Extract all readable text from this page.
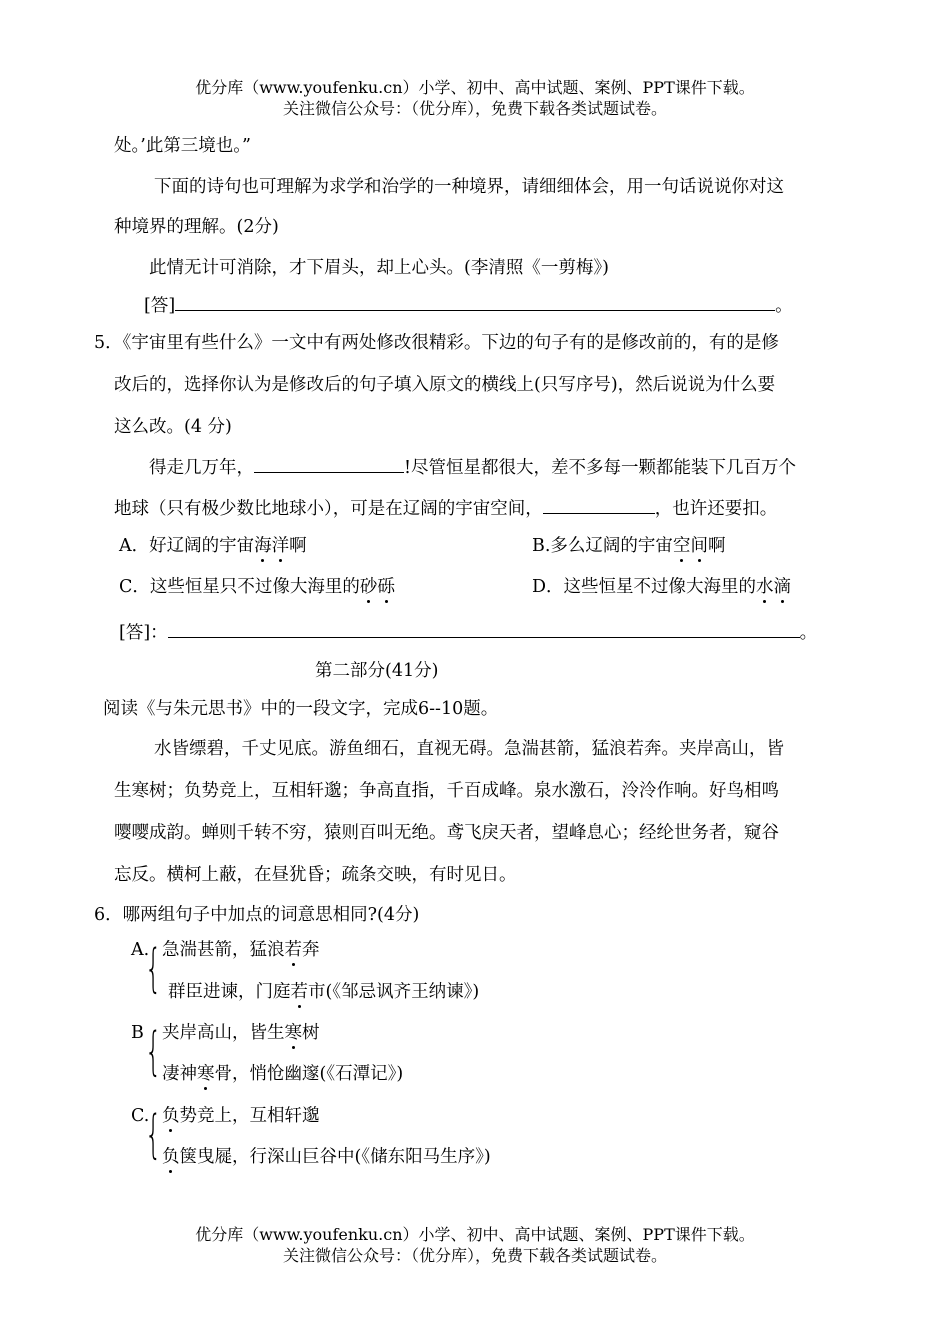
优分库（www.youfenku.cn）小学、初中、高中试题、案例、PPT课件下载。
关注微信公众号：（优分库），免费下载各类试题试卷。
处。’此第三境也。”
下面的诗句也可理解为求学和治学的一种境界，请细细体会，用一句话说说你对这
种境界的理解。(2分)
此情无计可消除，才下眉头，却上心头。(李清照《一剪梅》)
[答]	。
5．《宇宙里有些什么》一文中有两处修改很精彩。下边的句子有的是修改前的，有的是修
改后的，选择你认为是修改后的句子填入原文的横线上(只写序号)，然后说说为什么要
这么改。(4 分)
得走几万年，	!尽管恒星都很大，差不多每一颗都能装下几百万个
地球（只有极少数比地球小），可是在辽阔的宇宙空间，	，也许还要扣。
A．好辽阔的宇宙海洋啊	B.多么辽阔的宇宙空间啊
C．这些恒星只不过像大海里的砂砾	D．这些恒星不过像大海里的水滴
[答]：	。
第二部分(41分)
阅读《与朱元思书》中的一段文字，完成6--10题。
水皆缥碧，千丈见底。游鱼细石，直视无碍。急湍甚箭，猛浪若奔。夹岸高山，皆
生寒树；负势竞上，互相轩邈；争高直指，千百成峰。泉水激石，泠泠作响。好鸟相鸣
嘤嘤成韵。蝉则千转不穷，猿则百叫无绝。鸢飞戾天者，望峰息心；经纶世务者，窥谷
忘反。横柯上蔽，在昼犹昏；疏条交映，有时见日。
6．哪两组句子中加点的词意思相同?(4分)
A.
{ 急湍甚箭，猛浪若奔
群臣进谏，门庭若市(《邹忌讽齐王纳谏》)
B { 夹岸高山，皆生寒树
凄神寒骨，悄怆幽邃(《石潭记》)
C.
{ 负势竞上，互相轩邈
负箧曳屣，行深山巨谷中(《储东阳马生序》)
优分库（www.youfenku.cn）小学、初中、高中试题、案例、PPT课件下载。
关注微信公众号：（优分库），免费下载各类试题试卷。
